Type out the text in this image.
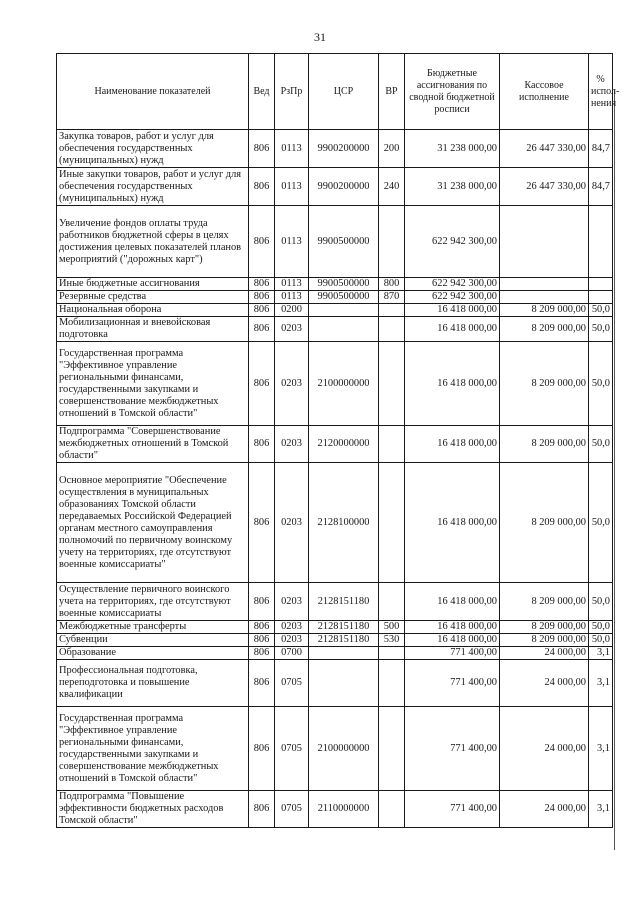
31
Наименование показателей	Вед	РзПр	ЦСР	ВР	Бюджетные ассигнования по сводной бюджетной росписи	Кассовое исполнение	% испол- нения
Закупка товаров, работ и услуг для обеспечения государственных (муниципальных) нужд	806	0113	9900200000	200	31 238 000,00	26 447 330,00	84,7
Иные закупки товаров, работ и услуг для обеспечения государственных (муниципальных) нужд	806	0113	9900200000	240	31 238 000,00	26 447 330,00	84,7
Увеличение фондов оплаты труда работников бюджетной сферы в целях достижения целевых показателей планов мероприятий ("дорожных карт")	806	0113	9900500000		622 942 300,00		
Иные бюджетные ассигнования	806	0113	9900500000	800	622 942 300,00		
Резервные средства	806	0113	9900500000	870	622 942 300,00		
Национальная оборона	806	0200			16 418 000,00	8 209 000,00	50,0
Мобилизационная и вневойсковая подготовка	806	0203			16 418 000,00	8 209 000,00	50,0
Государственная программа "Эффективное управление региональными финансами, государственными закупками и совершенствование межбюджетных отношений в Томской области"	806	0203	2100000000		16 418 000,00	8 209 000,00	50,0
Подпрограмма "Совершенствование межбюджетных отношений в Томской области"	806	0203	2120000000		16 418 000,00	8 209 000,00	50,0
Основное мероприятие "Обеспечение осуществления в муниципальных образованиях Томской области передаваемых Российской Федерацией органам местного самоуправления полномочий по первичному воинскому учету на территориях, где отсутствуют военные комиссариаты"	806	0203	2128100000		16 418 000,00	8 209 000,00	50,0
Осуществление первичного воинского учета на территориях, где отсутствуют военные комиссариаты	806	0203	2128151180		16 418 000,00	8 209 000,00	50,0
Межбюджетные трансферты	806	0203	2128151180	500	16 418 000,00	8 209 000,00	50,0
Субвенции	806	0203	2128151180	530	16 418 000,00	8 209 000,00	50,0
Образование	806	0700			771 400,00	24 000,00	3,1
Профессиональная подготовка, переподготовка и повышение квалификации	806	0705			771 400,00	24 000,00	3,1
Государственная программа "Эффективное управление региональными финансами, государственными закупками и совершенствование межбюджетных отношений в Томской области"	806	0705	2100000000		771 400,00	24 000,00	3,1
Подпрограмма "Повышение эффективности бюджетных расходов Томской области"	806	0705	2110000000		771 400,00	24 000,00	3,1
